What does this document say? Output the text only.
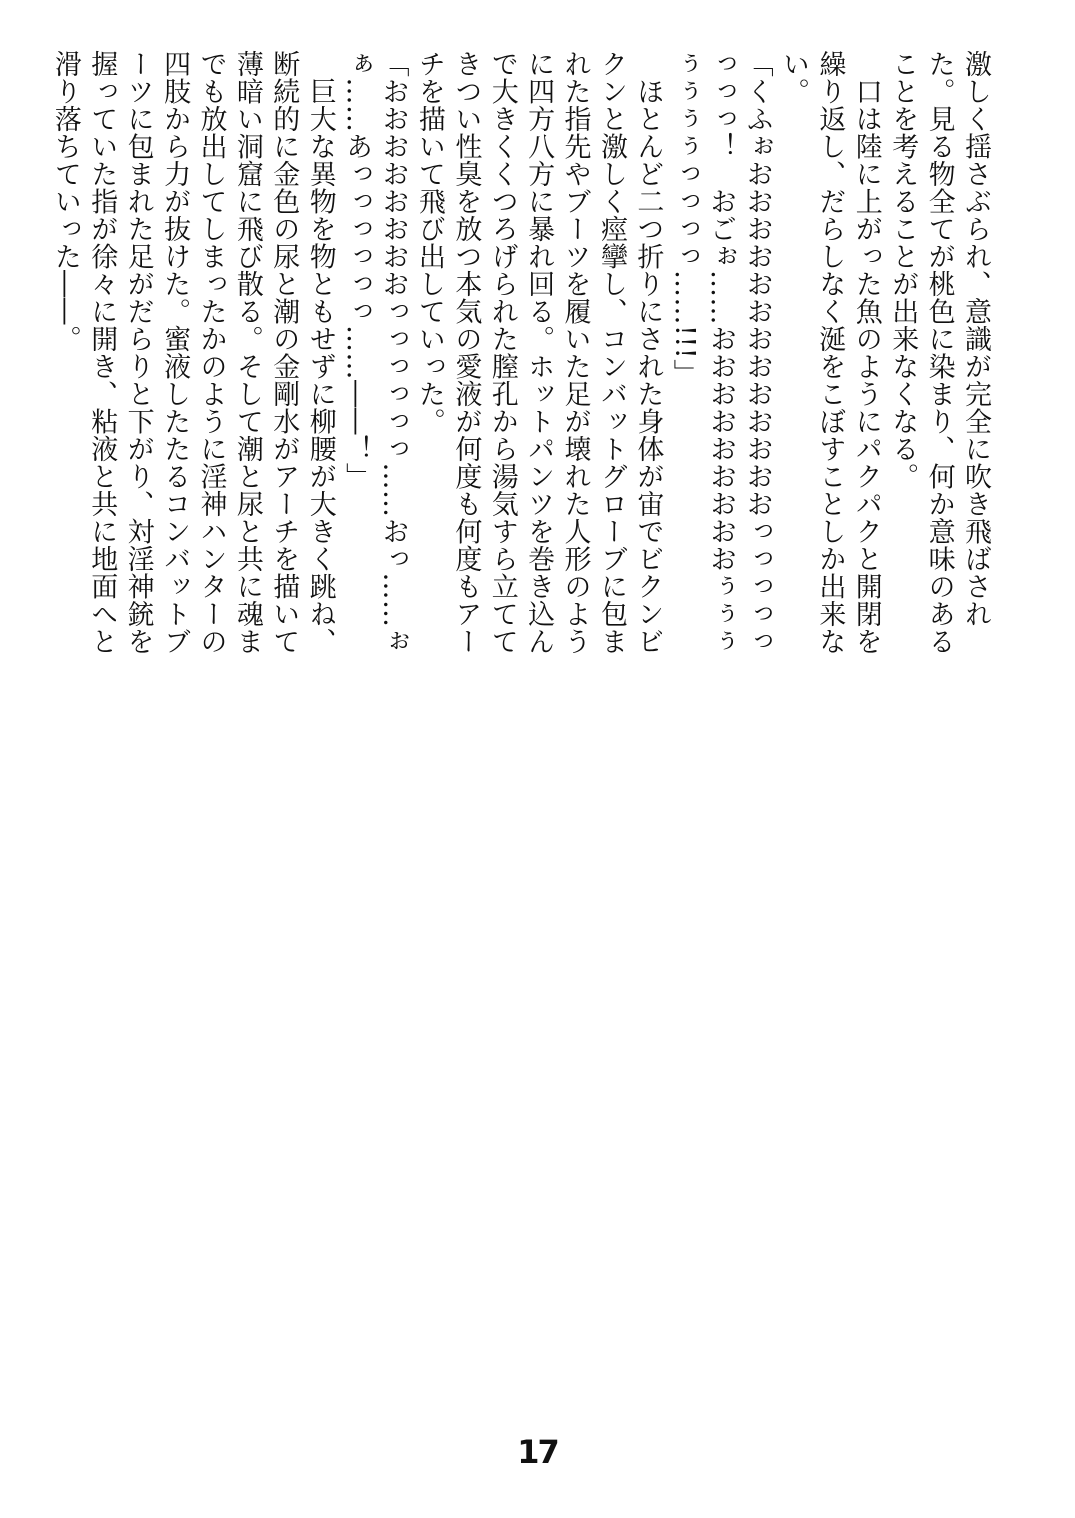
激しく揺さぶられ、意識が完全に吹き飛ばされた。見る物全てが桃色に染まり、何か意味のあることを考えることが出来なくなる。

　口は陸に上がった魚のようにパクパクと開閉を繰り返し、だらしなく涎をこぼすことしか出来ない。

「くふぉおおおおおおおおおおおおおっっっっっっっっ！　おごぉ……おおおおおおおおおぅぅぅぅぅぅぅっっっっ……!!!」

　ほとんど二つ折りにされた身体が宙でビクンビクンと激しく痙攣し、コンバットグローブに包まれた指先やブーツを履いた足が壊れた人形のように四方八方に暴れ回る。ホットパンツを巻き込んで大きくくつろげられた膣孔から湯気すら立ててきつい性臭を放つ本気の愛液が何度も何度もアーチを描いて飛び出していった。

「おおおおおおおおっっっっっっ……おっ……ぉぁ……あっっっっっっ……――！」

　巨大な異物を物ともせずに柳腰が大きく跳ね、断続的に金色の尿と潮の金剛水がアーチを描いて薄暗い洞窟に飛び散る。そして潮と尿と共に魂までも放出してしまったかのように淫神ハンターの四肢から力が抜けた。蜜液したたるコンバットブーツに包まれた足がだらりと下がり、対淫神銃を握っていた指が徐々に開き、粘液と共に地面へと滑り落ちていった――。

17
